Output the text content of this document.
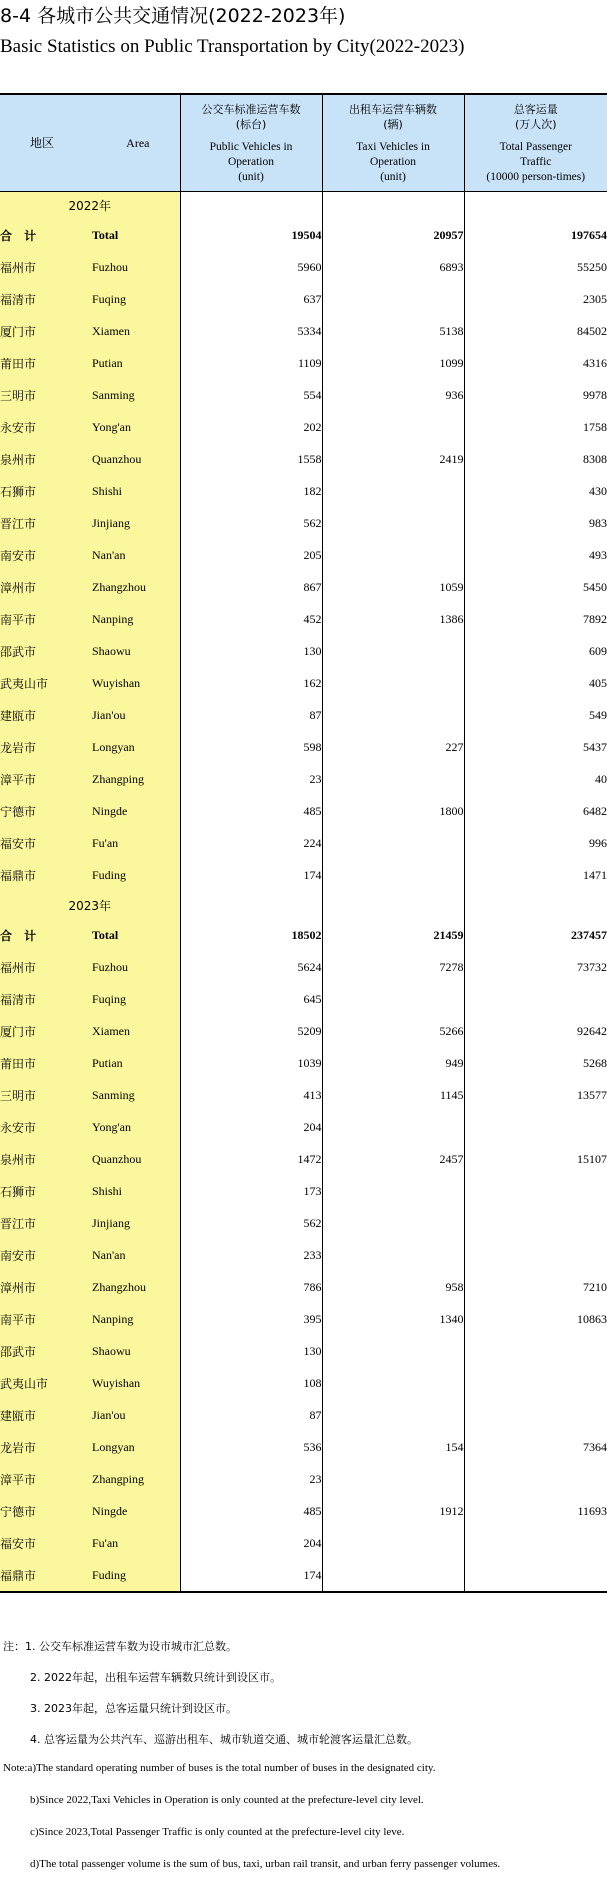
8-4 各城市公共交通情况(2022-2023年)
Basic Statistics on Public Transportation by City(2022-2023)
地区 Area		公交车标准运营车数
(标台)
Public Vehicles in
Operation
(unit)	出租车运营车辆数
(辆)
Taxi Vehicles in
Operation
(unit)	总客运量
(万人次)
Total Passenger
Traffic
(10000 person-times)

2022年				
合 计	Total	19504	20957	197654
福州市	Fuzhou	5960	6893	55250
福清市	Fuqing	637		2305
厦门市	Xiamen	5334	5138	84502
莆田市	Putian	1109	1099	4316
三明市	Sanming	554	936	9978
永安市	Yong'an	202		1758
泉州市	Quanzhou	1558	2419	8308
石狮市	Shishi	182		430
晋江市	Jinjiang	562		983
南安市	Nan'an	205		493
漳州市	Zhangzhou	867	1059	5450
南平市	Nanping	452	1386	7892
邵武市	Shaowu	130		609
武夷山市	Wuyishan	162		405
建瓯市	Jian'ou	87		549
龙岩市	Longyan	598	227	5437
漳平市	Zhangping	23		40
宁德市	Ningde	485	1800	6482
福安市	Fu'an	224		996
福鼎市	Fuding	174		1471
2023年				
合 计	Total	18502	21459	237457
福州市	Fuzhou	5624	7278	73732
福清市	Fuqing	645		
厦门市	Xiamen	5209	5266	92642
莆田市	Putian	1039	949	5268
三明市	Sanming	413	1145	13577
永安市	Yong'an	204		
泉州市	Quanzhou	1472	2457	15107
石狮市	Shishi	173		
晋江市	Jinjiang	562		
南安市	Nan'an	233		
漳州市	Zhangzhou	786	958	7210
南平市	Nanping	395	1340	10863
邵武市	Shaowu	130		
武夷山市	Wuyishan	108		
建瓯市	Jian'ou	87		
龙岩市	Longyan	536	154	7364
漳平市	Zhangping	23		
宁德市	Ningde	485	1912	11693
福安市	Fu'an	204		
福鼎市	Fuding	174		
注：1. 公交车标准运营车数为设市城市汇总数。
2. 2022年起，出租车运营车辆数只统计到设区市。
3. 2023年起，总客运量只统计到设区市。
4. 总客运量为公共汽车、巡游出租车、城市轨道交通、城市轮渡客运量汇总数。
Note:a)The standard operating number of buses is the total number of buses in the designated city.
b)Since 2022,Taxi Vehicles in Operation is only counted at the prefecture-level city level.
c)Since 2023,Total Passenger Traffic is only counted at the prefecture-level city leve.
d)The total passenger volume is the sum of bus, taxi, urban rail transit, and urban ferry passenger volumes.
